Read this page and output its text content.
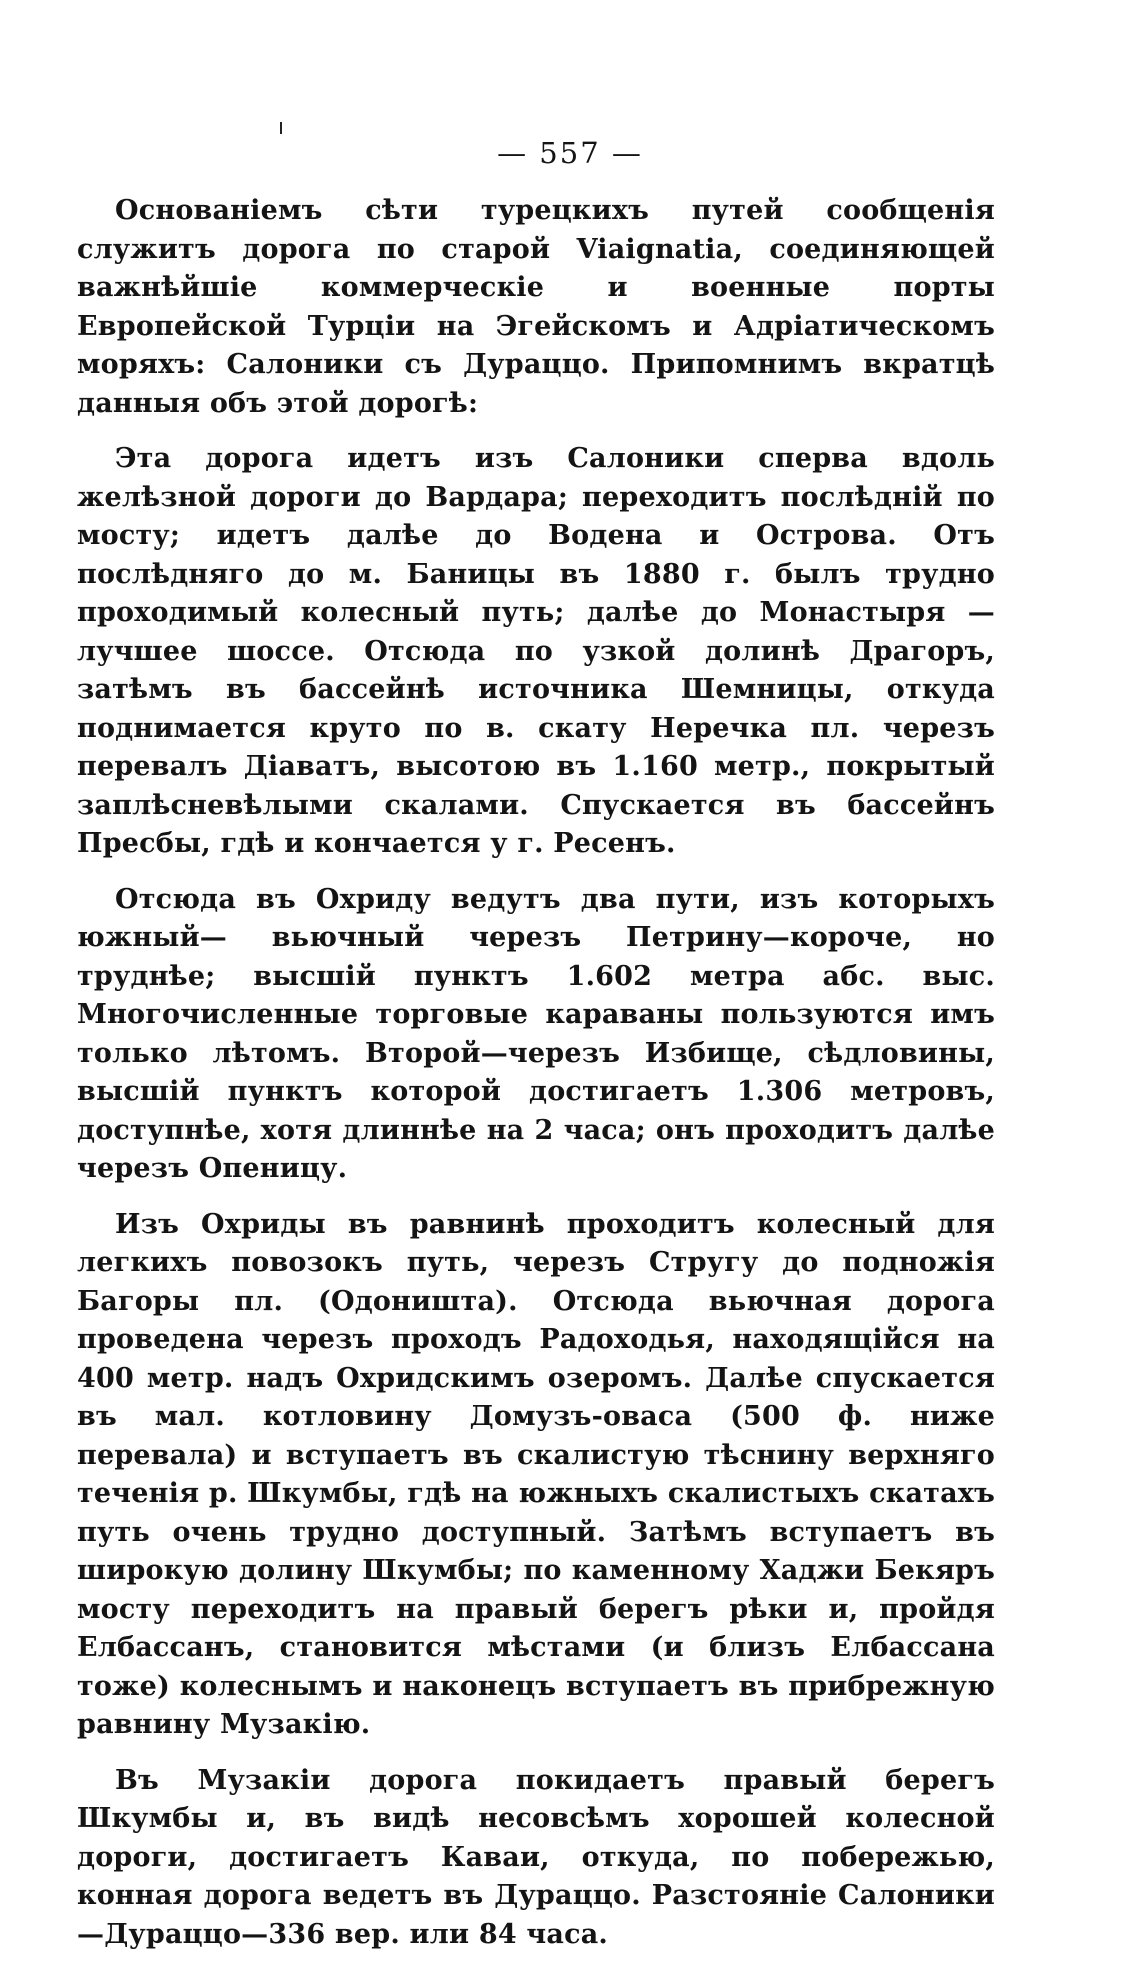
— 557 —

Основаніемъ сѣти турецкихъ путей сообщенія служитъ дорога по старой Viaignatia, соединяющей важнѣйшіе коммерческіе и военные порты Европейской Турціи на Эгейскомъ и Адріатическомъ моряхъ: Салоники съ Дураццо. Припомнимъ вкратцѣ данныя объ этой дорогѣ:

Эта дорога идетъ изъ Салоники сперва вдоль желѣзной дороги до Вардара; переходитъ послѣдній по мосту; идетъ далѣе до Водена и Острова. Отъ послѣдняго до м. Баницы въ 1880 г. былъ трудно проходимый колесный путь; далѣе до Монастыря —лучшее шоссе. Отсюда по узкой долинѣ Драгоръ, затѣмъ въ бассейнѣ источника Шемницы, откуда поднимается круто по в. скату Неречка пл. черезъ перевалъ Діаватъ, высотою въ 1.160 метр., покрытый заплѣсневѣлыми скалами. Спускается въ бассейнъ Пресбы, гдѣ и кончается у г. Ресенъ.

Отсюда въ Охриду ведутъ два пути, изъ которыхъ южный— вьючный черезъ Петрину—короче, но труднѣе; высшій пунктъ 1.602 метра абс. выс. Многочисленные торговые караваны пользуются имъ только лѣтомъ. Второй—черезъ Избище, сѣдловины, высшій пунктъ которой достигаетъ 1.306 метровъ, доступнѣе, хотя длиннѣе на 2 часа; онъ проходитъ далѣе черезъ Опеницу.

Изъ Охриды въ равнинѣ проходитъ колесный для легкихъ повозокъ путь, черезъ Стругу до подножія Багоры пл. (Одоништа). Отсюда вьючная дорога проведена черезъ проходъ Радоходья, находящійся на 400 метр. надъ Охридскимъ озеромъ. Далѣе спускается въ мал. котловину Домузъ-оваса (500 ф. ниже перевала) и вступаетъ въ скалистую тѣснину верхняго теченія р. Шкумбы, гдѣ на южныхъ скалистыхъ скатахъ путь очень трудно доступный. Затѣмъ вступаетъ въ широкую долину Шкумбы; по каменному Хаджи Бекяръ мосту переходитъ на правый берегъ рѣки и, пройдя Елбассанъ, становится мѣстами (и близъ Елбассана тоже) колеснымъ и наконецъ вступаетъ въ прибрежную равнину Музакію.

Въ Музакіи дорога покидаетъ правый берегъ Шкумбы и, въ видѣ несовсѣмъ хорошей колесной дороги, достигаетъ Каваи, откуда, по побережью, конная дорога ведетъ въ Дураццо. Разстояніе Салоники—Дураццо—336 вер. или 84 часа.
